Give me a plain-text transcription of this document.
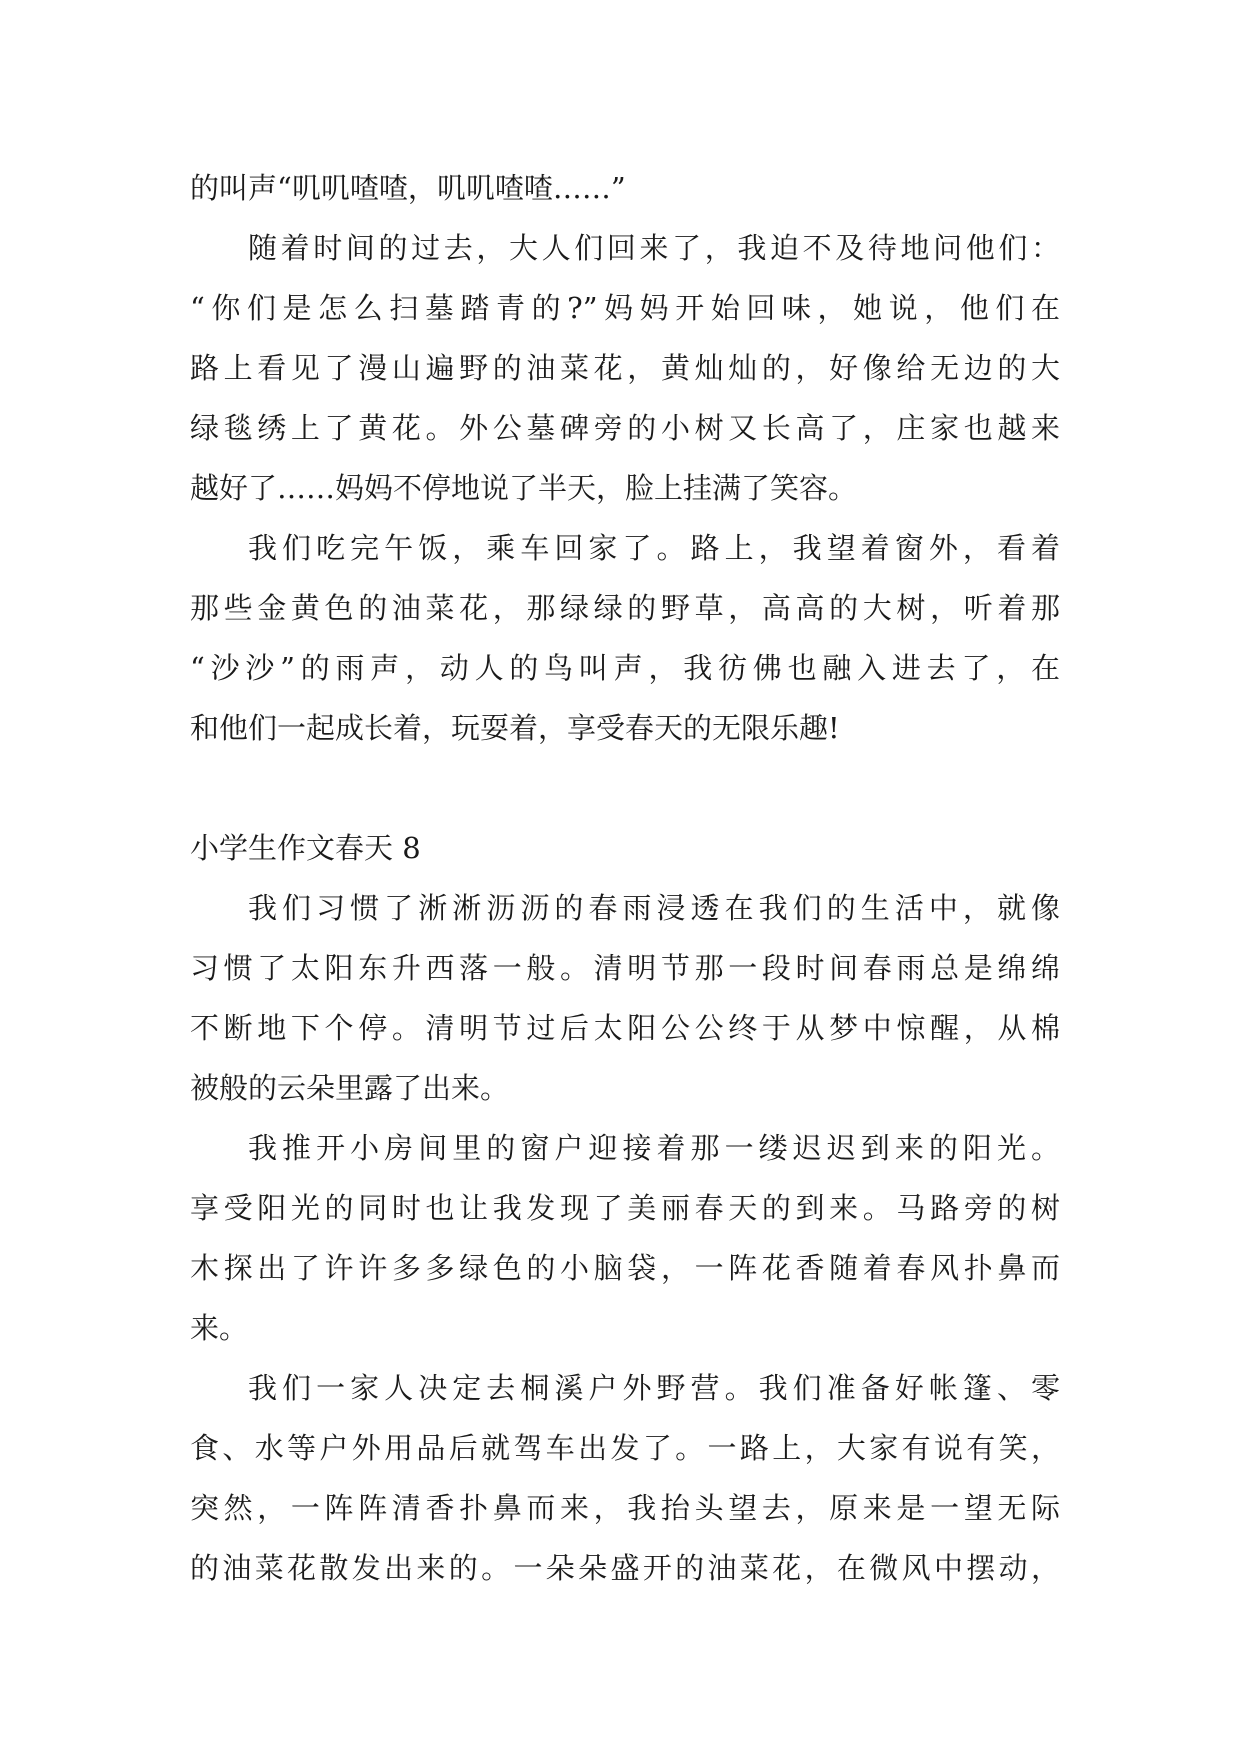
的叫声“叽叽喳喳，叽叽喳喳……”
随着时间的过去，大人们回来了，我迫不及待地问他们：
“你们是怎么扫墓踏青的?”妈妈开始回味，她说，他们在
路上看见了漫山遍野的油菜花，黄灿灿的，好像给无边的大
绿毯绣上了黄花。外公墓碑旁的小树又长高了，庄家也越来
越好了……妈妈不停地说了半天，脸上挂满了笑容。
我们吃完午饭，乘车回家了。路上，我望着窗外，看着
那些金黄色的油菜花，那绿绿的野草，高高的大树，听着那
“沙沙”的雨声，动人的鸟叫声，我彷佛也融入进去了，在
和他们一起成长着，玩耍着，享受春天的无限乐趣!
小学生作文春天 8
我们习惯了淅淅沥沥的春雨浸透在我们的生活中，就像
习惯了太阳东升西落一般。清明节那一段时间春雨总是绵绵
不断地下个停。清明节过后太阳公公终于从梦中惊醒，从棉
被般的云朵里露了出来。
我推开小房间里的窗户迎接着那一缕迟迟到来的阳光。
享受阳光的同时也让我发现了美丽春天的到来。马路旁的树
木探出了许许多多绿色的小脑袋，一阵花香随着春风扑鼻而
来。
我们一家人决定去桐溪户外野营。我们准备好帐篷、零
食、水等户外用品后就驾车出发了。一路上，大家有说有笑，
突然，一阵阵清香扑鼻而来，我抬头望去，原来是一望无际
的油菜花散发出来的。一朵朵盛开的油菜花，在微风中摆动，
